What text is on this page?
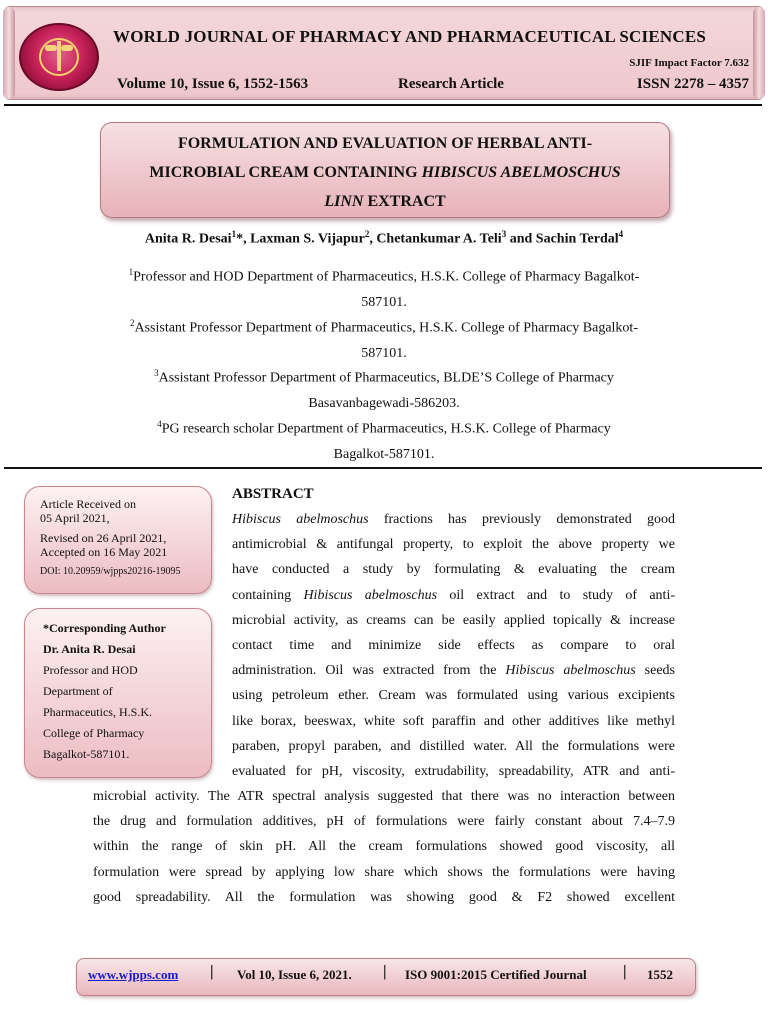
WORLD JOURNAL OF PHARMACY AND PHARMACEUTICAL SCIENCES
SJIF Impact Factor 7.632
Volume 10, Issue 6, 1552-1563	Research Article	ISSN 2278 – 4357
FORMULATION AND EVALUATION OF HERBAL ANTI-
MICROBIAL CREAM CONTAINING HIBISCUS ABELMOSCHUS
LINN EXTRACT
Anita R. Desai$^1$*, Laxman S. Vijapur$^2$, Chetankumar A. Teli$^3$ and Sachin Terdal$^4$
$^1$Professor and HOD Department of Pharmaceutics, H.S.K. College of Pharmacy Bagalkot-
587101.
$^2$Assistant Professor Department of Pharmaceutics, H.S.K. College of Pharmacy Bagalkot-
587101.
$^3$Assistant Professor Department of Pharmaceutics, BLDE’S College of Pharmacy
Basavanbagewadi-586203.
$^4$PG research scholar Department of Pharmaceutics, H.S.K. College of Pharmacy
Bagalkot-587101.
Article Received on
05 April 2021,
Revised on 26 April 2021,
Accepted on 16 May 2021
DOI: 10.20959/wjpps20216-19095
*Corresponding Author
Dr. Anita R. Desai
Professor and HOD
Department of
Pharmaceutics, H.S.K.
College of Pharmacy
Bagalkot-587101.
ABSTRACT
Hibiscus abelmoschus fractions has previously demonstrated good
antimicrobial & antifungal property, to exploit the above property we
have conducted a study by formulating & evaluating the cream
containing Hibiscus abelmoschus oil extract and to study of anti-
microbial activity, as creams can be easily applied topically & increase
contact time and minimize side effects as compare to oral
administration. Oil was extracted from the Hibiscus abelmoschus seeds
using petroleum ether. Cream was formulated using various excipients
like borax, beeswax, white soft paraffin and other additives like methyl
paraben, propyl paraben, and distilled water. All the formulations were
evaluated for pH, viscosity, extrudability, spreadability, ATR and anti-
microbial activity. The ATR spectral analysis suggested that there was no interaction between
the drug and formulation additives, pH of formulations were fairly constant about 7.4–7.9
within the range of skin pH. All the cream formulations showed good viscosity, all
formulation were spread by applying low share which shows the formulations were having
good spreadability. All the formulation was showing good & F2 showed excellent
www.wjpps.com | Vol 10, Issue 6, 2021. | ISO 9001:2015 Certified Journal | 1552
